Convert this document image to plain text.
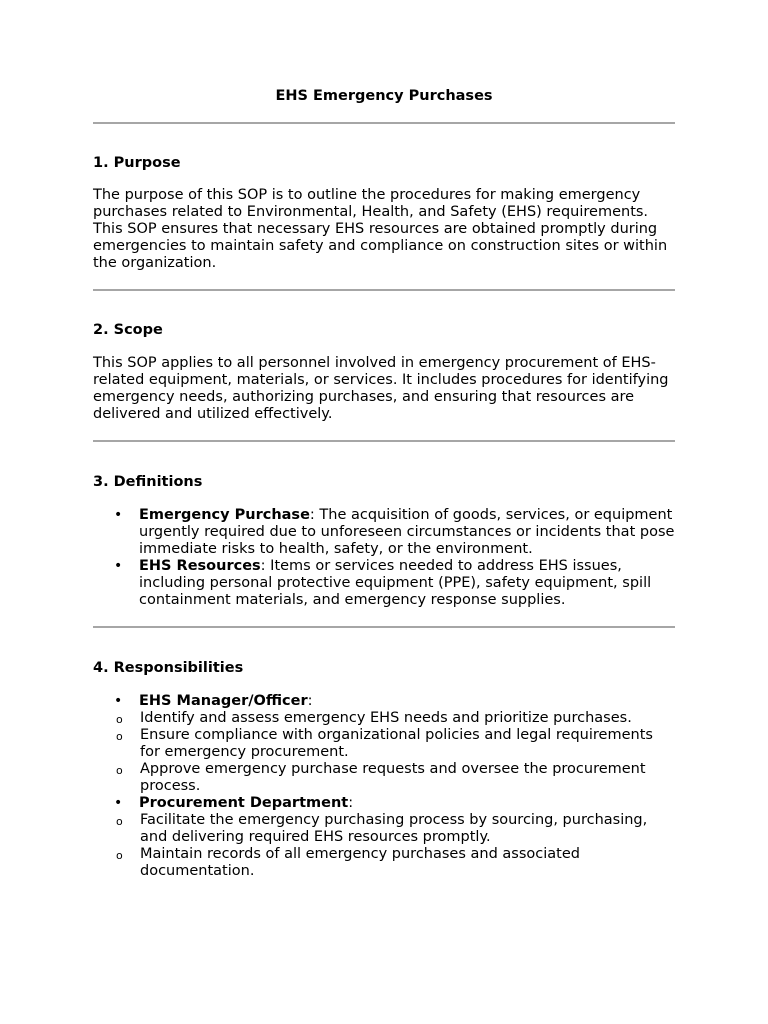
EHS Emergency Purchases
1. Purpose

The purpose of this SOP is to outline the procedures for making emergency purchases related to Environmental, Health, and Safety (EHS) requirements. This SOP ensures that necessary EHS resources are obtained promptly during emergencies to maintain safety and compliance on construction sites or within the organization.

2. Scope

This SOP applies to all personnel involved in emergency procurement of EHS-related equipment, materials, or services. It includes procedures for identifying emergency needs, authorizing purchases, and ensuring that resources are delivered and utilized effectively.

3. Definitions
• Emergency Purchase: The acquisition of goods, services, or equipment urgently required due to unforeseen circumstances or incidents that pose immediate risks to health, safety, or the environment.
• EHS Resources: Items or services needed to address EHS issues, including personal protective equipment (PPE), safety equipment, spill containment materials, and emergency response supplies.
4. Responsibilities
• EHS Manager/Officer:
o Identify and assess emergency EHS needs and prioritize purchases.
o Ensure compliance with organizational policies and legal requirements for emergency procurement.
o Approve emergency purchase requests and oversee the procurement process.
• Procurement Department:
o Facilitate the emergency purchasing process by sourcing, purchasing, and delivering required EHS resources promptly.
o Maintain records of all emergency purchases and associated documentation.
